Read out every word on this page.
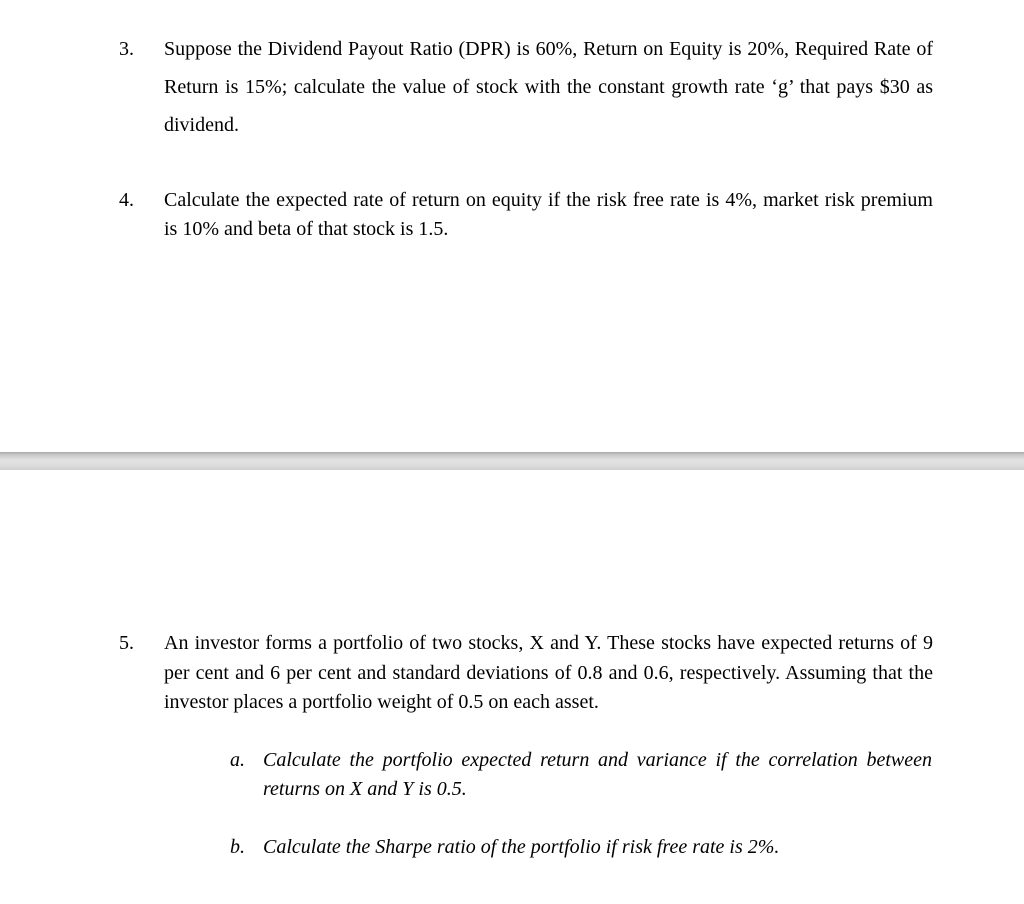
3.	Suppose the Dividend Payout Ratio (DPR) is 60%, Return on Equity is 20%, Required Rate of Return is 15%; calculate the value of stock with the constant growth rate ‘g’ that pays $30 as dividend.
4.	Calculate the expected rate of return on equity if the risk free rate is 4%, market risk premium is 10% and beta of that stock is 1.5.
5.	An investor forms a portfolio of two stocks, X and Y. These stocks have expected returns of 9 per cent and 6 per cent and standard deviations of 0.8 and 0.6, respectively. Assuming that the investor places a portfolio weight of 0.5 on each asset.
a. Calculate the portfolio expected return and variance if the correlation between returns on X and Y is 0.5.
b. Calculate the Sharpe ratio of the portfolio if risk free rate is 2%.
